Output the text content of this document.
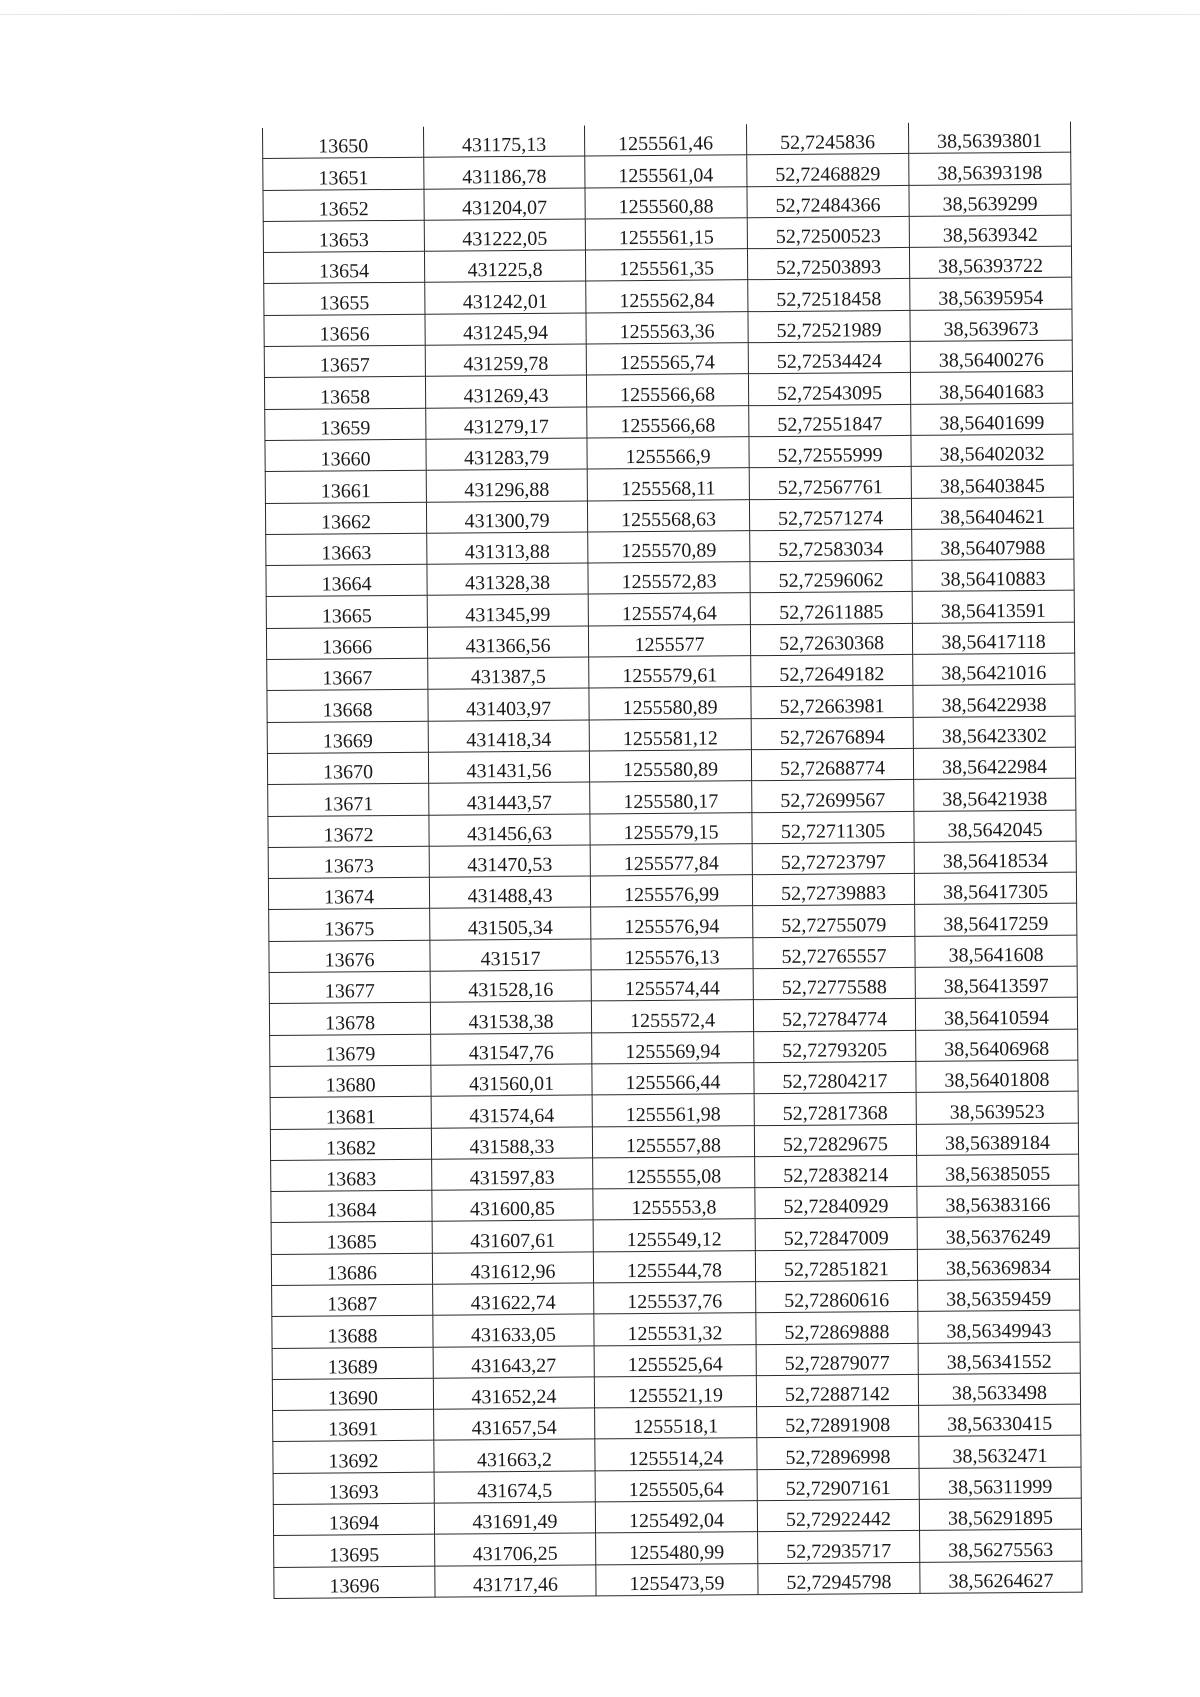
13650	431175,13	1255561,46	52,7245836	38,56393801
13651	431186,78	1255561,04	52,72468829	38,56393198
13652	431204,07	1255560,88	52,72484366	38,5639299
13653	431222,05	1255561,15	52,72500523	38,5639342
13654	431225,8	1255561,35	52,72503893	38,56393722
13655	431242,01	1255562,84	52,72518458	38,56395954
13656	431245,94	1255563,36	52,72521989	38,5639673
13657	431259,78	1255565,74	52,72534424	38,56400276
13658	431269,43	1255566,68	52,72543095	38,56401683
13659	431279,17	1255566,68	52,72551847	38,56401699
13660	431283,79	1255566,9	52,72555999	38,56402032
13661	431296,88	1255568,11	52,72567761	38,56403845
13662	431300,79	1255568,63	52,72571274	38,56404621
13663	431313,88	1255570,89	52,72583034	38,56407988
13664	431328,38	1255572,83	52,72596062	38,56410883
13665	431345,99	1255574,64	52,72611885	38,56413591
13666	431366,56	1255577	52,72630368	38,56417118
13667	431387,5	1255579,61	52,72649182	38,56421016
13668	431403,97	1255580,89	52,72663981	38,56422938
13669	431418,34	1255581,12	52,72676894	38,56423302
13670	431431,56	1255580,89	52,72688774	38,56422984
13671	431443,57	1255580,17	52,72699567	38,56421938
13672	431456,63	1255579,15	52,72711305	38,5642045
13673	431470,53	1255577,84	52,72723797	38,56418534
13674	431488,43	1255576,99	52,72739883	38,56417305
13675	431505,34	1255576,94	52,72755079	38,56417259
13676	431517	1255576,13	52,72765557	38,5641608
13677	431528,16	1255574,44	52,72775588	38,56413597
13678	431538,38	1255572,4	52,72784774	38,56410594
13679	431547,76	1255569,94	52,72793205	38,56406968
13680	431560,01	1255566,44	52,72804217	38,56401808
13681	431574,64	1255561,98	52,72817368	38,5639523
13682	431588,33	1255557,88	52,72829675	38,56389184
13683	431597,83	1255555,08	52,72838214	38,56385055
13684	431600,85	1255553,8	52,72840929	38,56383166
13685	431607,61	1255549,12	52,72847009	38,56376249
13686	431612,96	1255544,78	52,72851821	38,56369834
13687	431622,74	1255537,76	52,72860616	38,56359459
13688	431633,05	1255531,32	52,72869888	38,56349943
13689	431643,27	1255525,64	52,72879077	38,56341552
13690	431652,24	1255521,19	52,72887142	38,5633498
13691	431657,54	1255518,1	52,72891908	38,56330415
13692	431663,2	1255514,24	52,72896998	38,5632471
13693	431674,5	1255505,64	52,72907161	38,56311999
13694	431691,49	1255492,04	52,72922442	38,56291895
13695	431706,25	1255480,99	52,72935717	38,56275563
13696	431717,46	1255473,59	52,72945798	38,56264627
